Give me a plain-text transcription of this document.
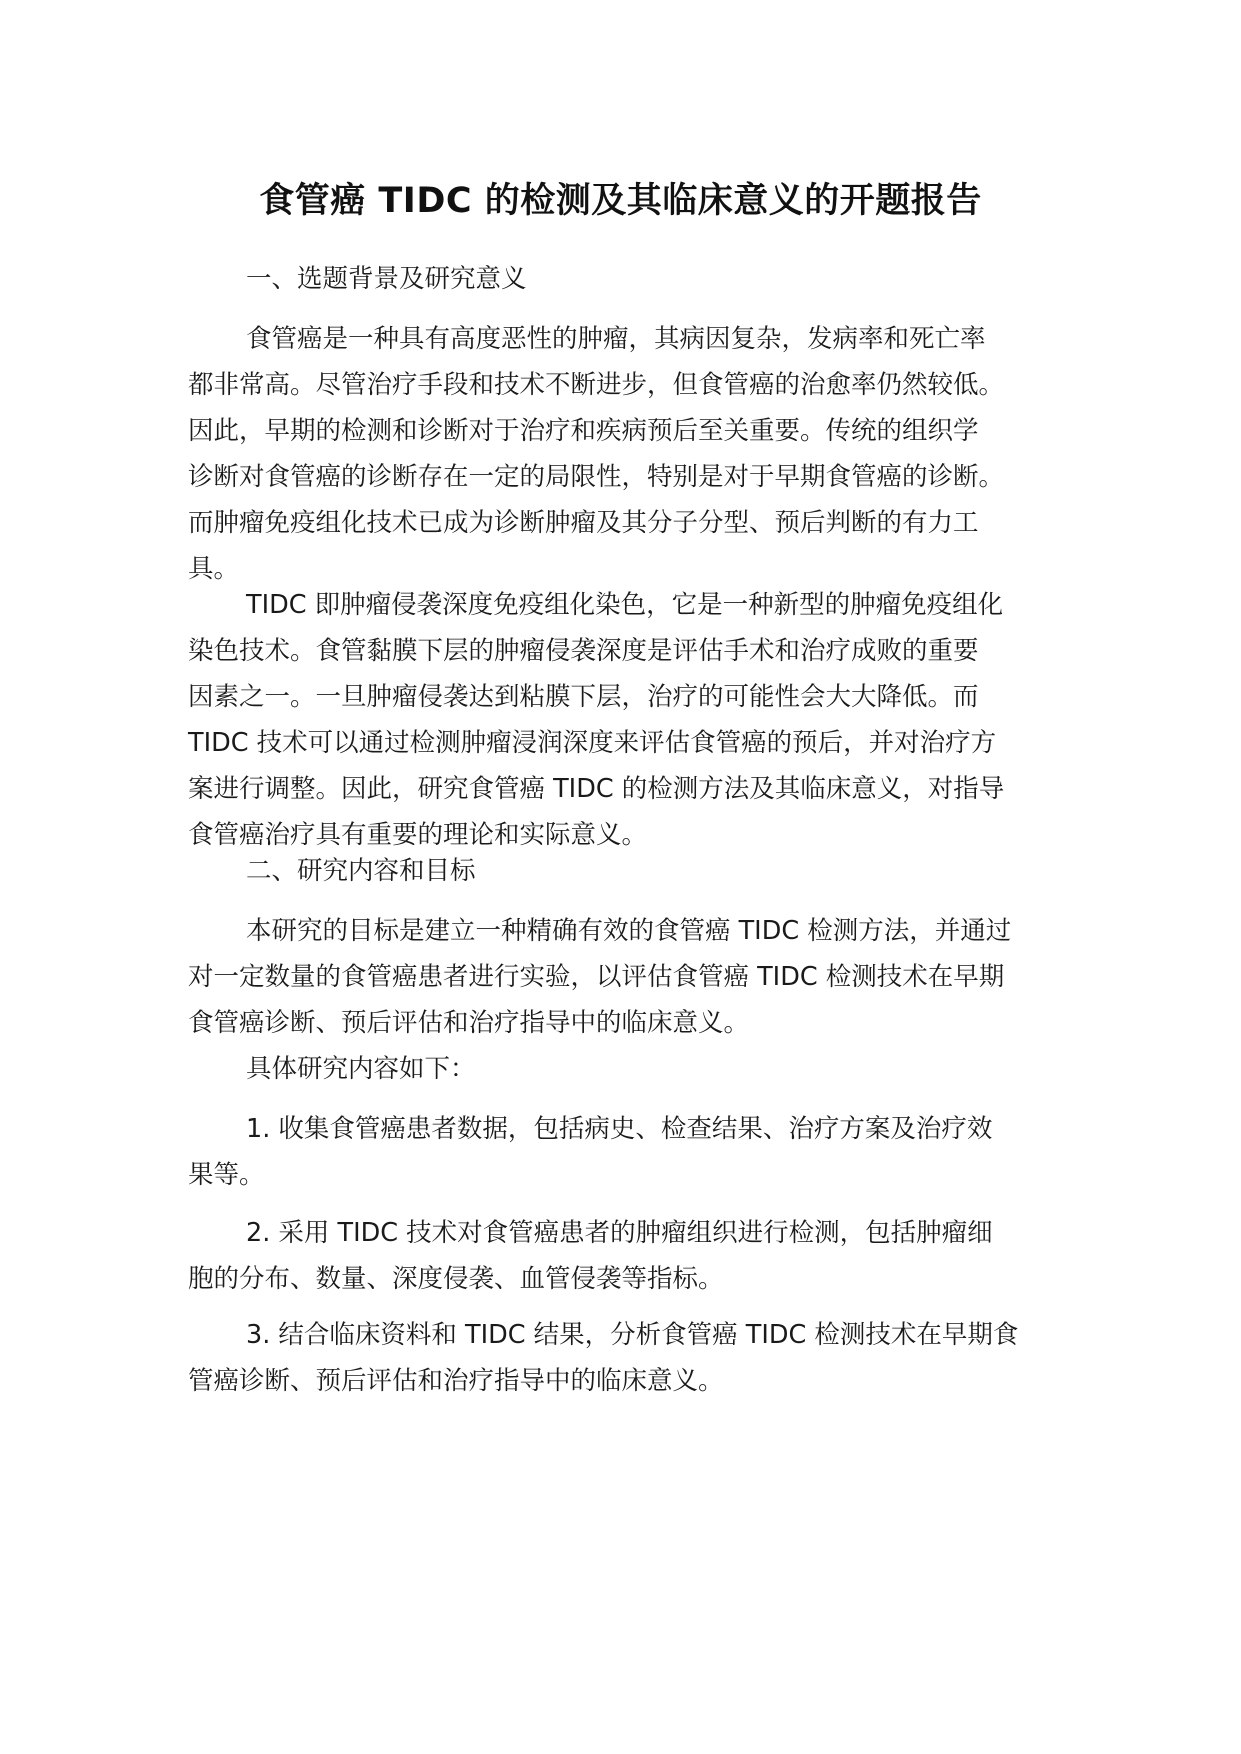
食管癌 TIDC 的检测及其临床意义的开题报告
一、选题背景及研究意义
食管癌是一种具有高度恶性的肿瘤，其病因复杂，发病率和死亡率
都非常高。尽管治疗手段和技术不断进步，但食管癌的治愈率仍然较低。
因此，早期的检测和诊断对于治疗和疾病预后至关重要。传统的组织学
诊断对食管癌的诊断存在一定的局限性，特别是对于早期食管癌的诊断。
而肿瘤免疫组化技术已成为诊断肿瘤及其分子分型、预后判断的有力工
具。
TIDC 即肿瘤侵袭深度免疫组化染色，它是一种新型的肿瘤免疫组化
染色技术。食管黏膜下层的肿瘤侵袭深度是评估手术和治疗成败的重要
因素之一。一旦肿瘤侵袭达到粘膜下层，治疗的可能性会大大降低。而
TIDC 技术可以通过检测肿瘤浸润深度来评估食管癌的预后，并对治疗方
案进行调整。因此，研究食管癌 TIDC 的检测方法及其临床意义，对指导
食管癌治疗具有重要的理论和实际意义。
二、研究内容和目标
本研究的目标是建立一种精确有效的食管癌 TIDC 检测方法，并通过
对一定数量的食管癌患者进行实验，以评估食管癌 TIDC 检测技术在早期
食管癌诊断、预后评估和治疗指导中的临床意义。
具体研究内容如下：
1. 收集食管癌患者数据，包括病史、检查结果、治疗方案及治疗效
果等。
2. 采用 TIDC 技术对食管癌患者的肿瘤组织进行检测，包括肿瘤细
胞的分布、数量、深度侵袭、血管侵袭等指标。
3. 结合临床资料和 TIDC 结果，分析食管癌 TIDC 检测技术在早期食
管癌诊断、预后评估和治疗指导中的临床意义。
